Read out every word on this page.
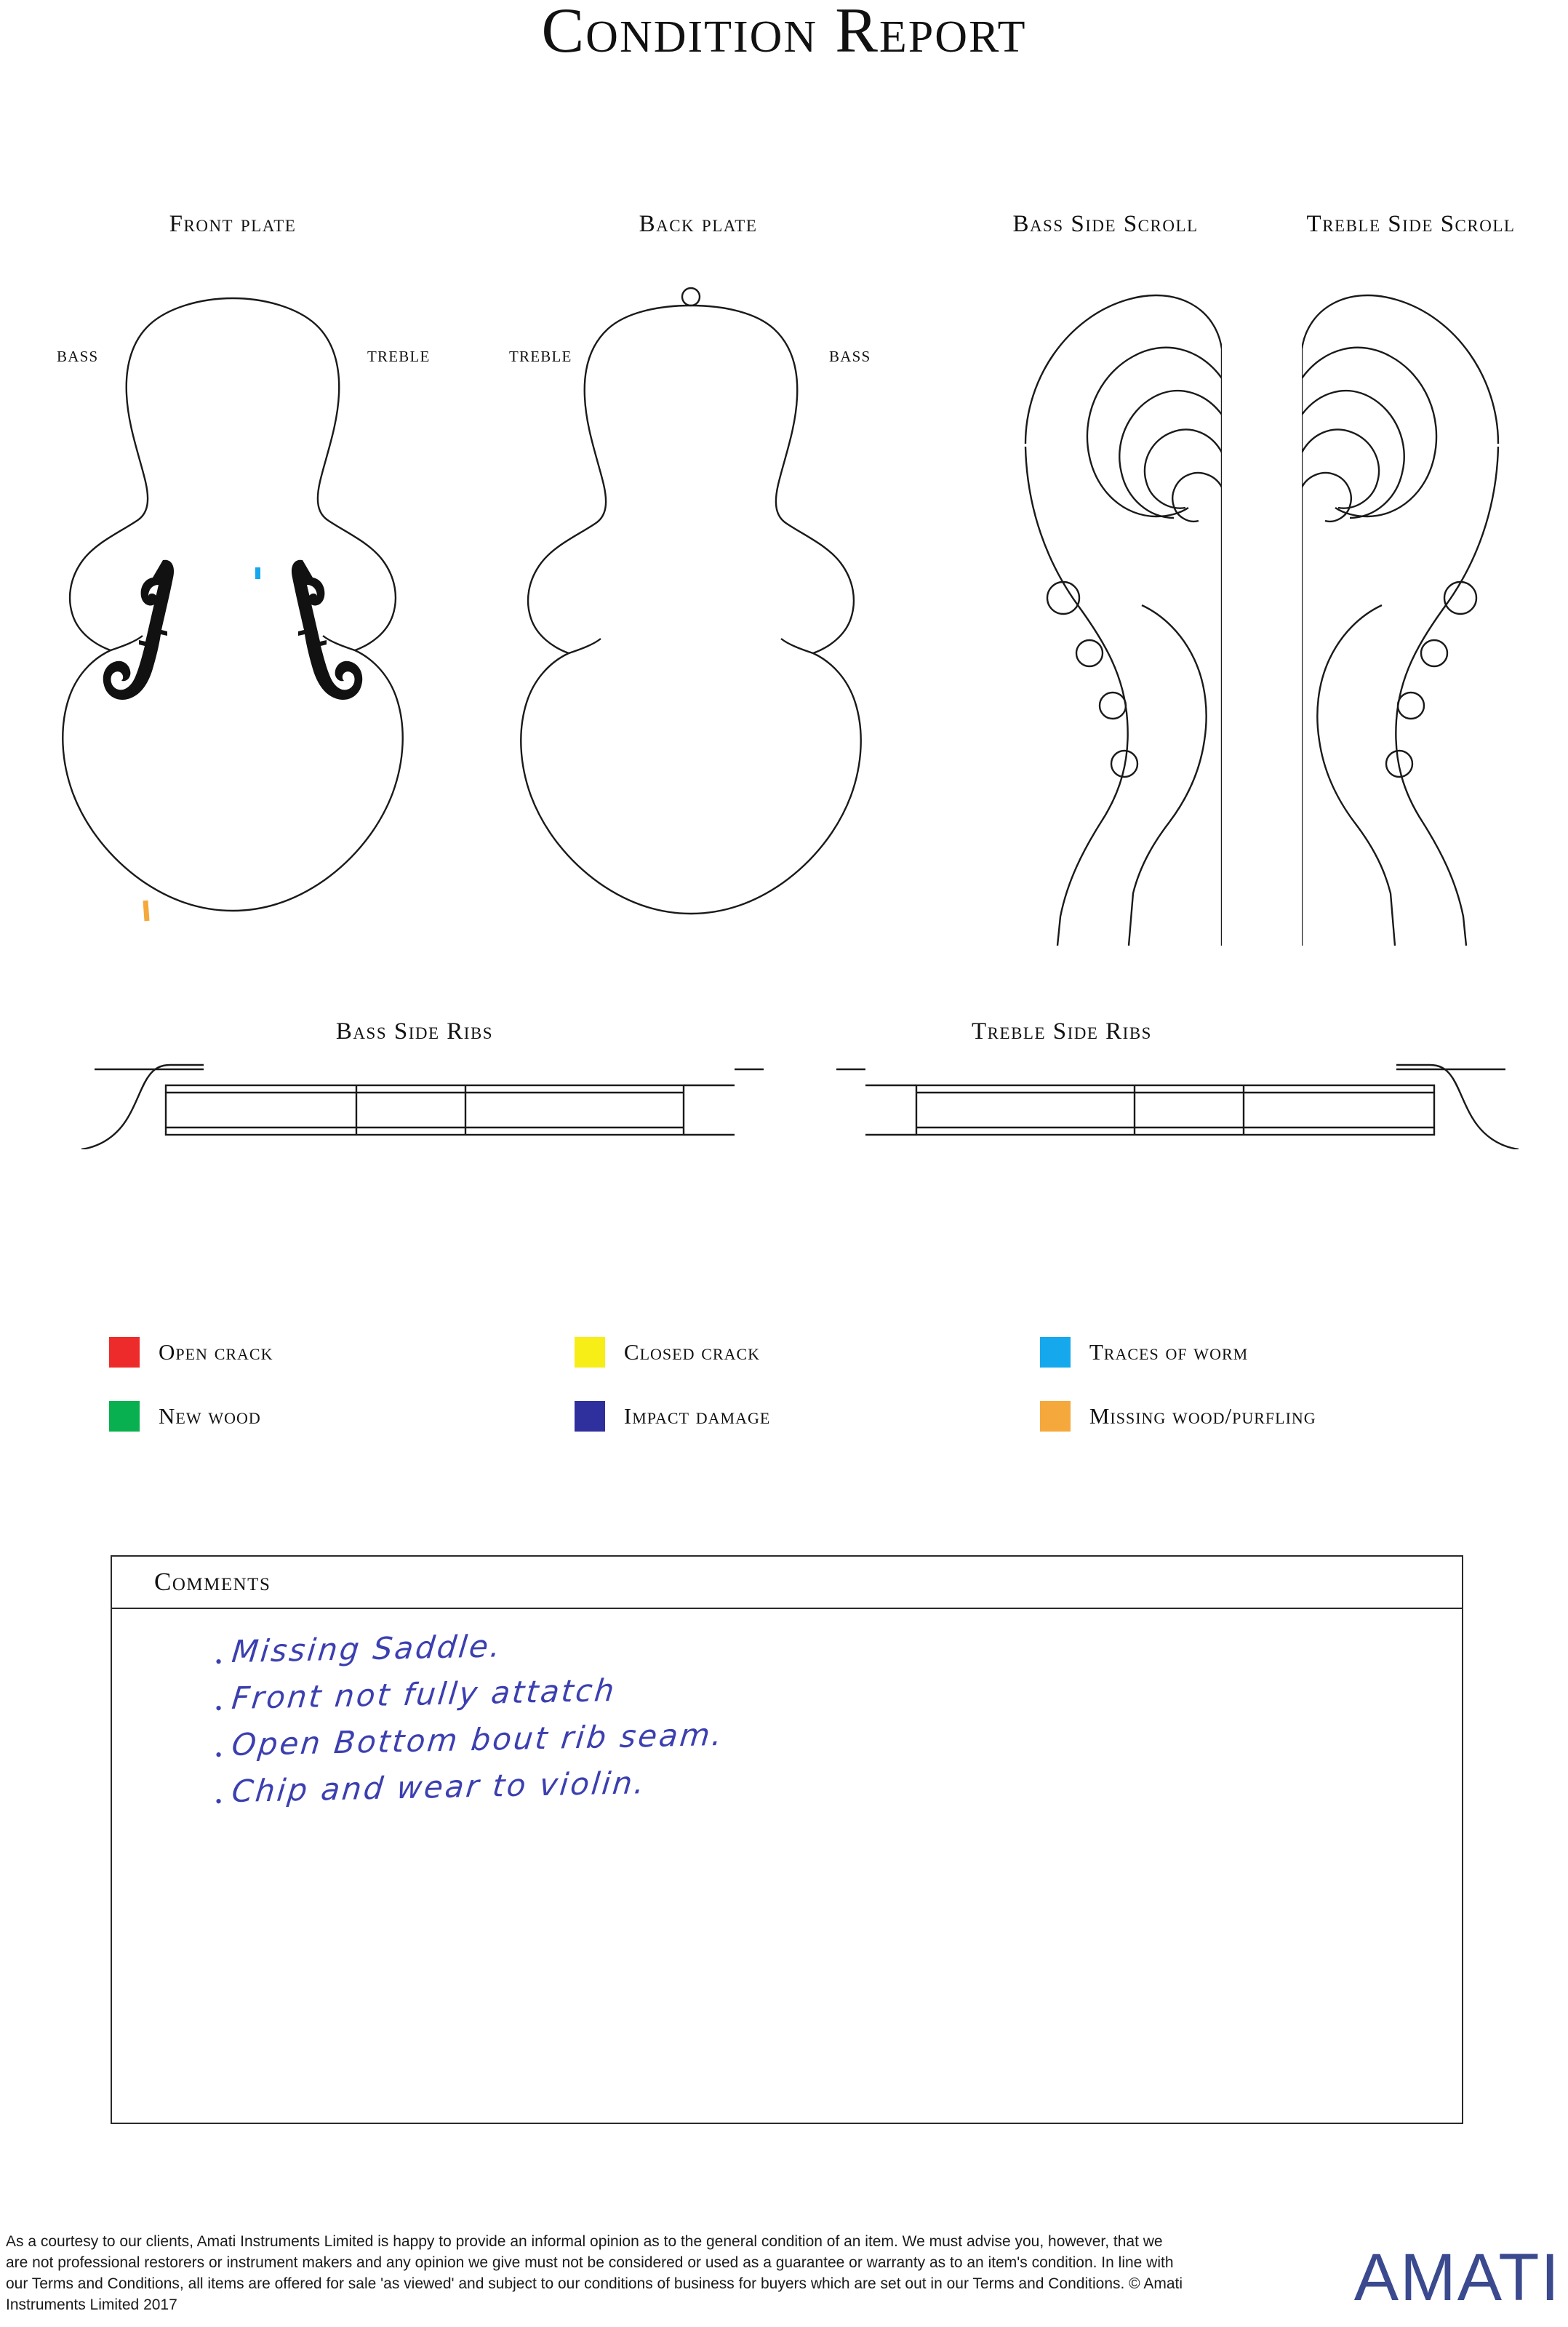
Condition Report
Front plate	Back plate	Bass Side Scroll	Treble Side Scroll
BASS	TREBLE	TREBLE	BASS
Bass Side Ribs	Treble Side Ribs
Open crack	Closed crack	Traces of worm
New wood	Impact damage	Missing wood/purfling
Comments
• Missing Saddle.
• Front not fully attatch
• Open Bottom bout rib seam.
• Chip and wear to violin.

As a courtesy to our clients, Amati Instruments Limited is happy to provide an informal opinion as to the general condition of an item. We must advise you, however, that we are not professional restorers or instrument makers and any opinion we give must not be considered or used as a guarantee or warranty as to an item's condition. In line with our Terms and Conditions, all items are offered for sale 'as viewed' and subject to our conditions of business for buyers which are set out in our Terms and Conditions. © Amati Instruments Limited 2017	AMATI
